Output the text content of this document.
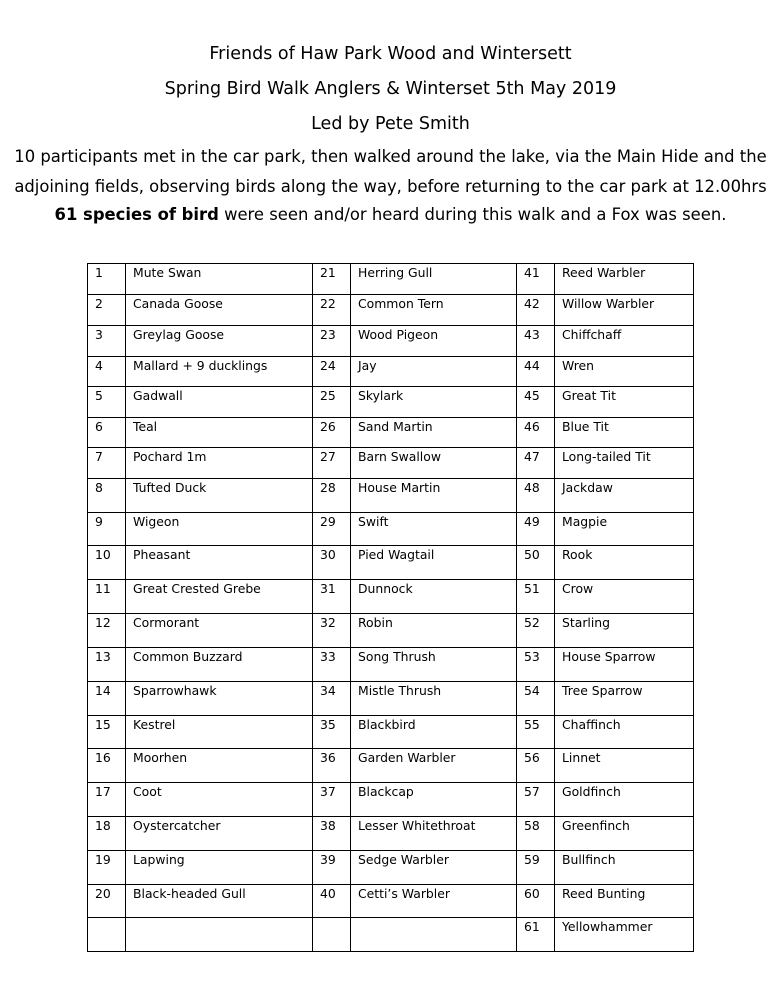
Friends of Haw Park Wood and Wintersett
Spring Bird Walk Anglers & Winterset 5th May 2019
Led by Pete Smith
10 participants met in the car park, then walked around the lake, via the Main Hide and the
adjoining fields, observing birds along the way, before returning to the car park at 12.00hrs
61 species of bird were seen and/or heard during this walk and a Fox was seen.
1	Mute Swan	21	Herring Gull	41	Reed Warbler
2	Canada Goose	22	Common Tern	42	Willow Warbler
3	Greylag Goose	23	Wood Pigeon	43	Chiffchaff
4	Mallard + 9 ducklings	24	Jay	44	Wren
5	Gadwall	25	Skylark	45	Great Tit
6	Teal	26	Sand Martin	46	Blue Tit
7	Pochard 1m	27	Barn Swallow	47	Long-tailed Tit
8	Tufted Duck	28	House Martin	48	Jackdaw
9	Wigeon	29	Swift	49	Magpie
10	Pheasant	30	Pied Wagtail	50	Rook
11	Great Crested Grebe	31	Dunnock	51	Crow
12	Cormorant	32	Robin	52	Starling
13	Common Buzzard	33	Song Thrush	53	House Sparrow
14	Sparrowhawk	34	Mistle Thrush	54	Tree Sparrow
15	Kestrel	35	Blackbird	55	Chaffinch
16	Moorhen	36	Garden Warbler	56	Linnet
17	Coot	37	Blackcap	57	Goldfinch
18	Oystercatcher	38	Lesser Whitethroat	58	Greenfinch
19	Lapwing	39	Sedge Warbler	59	Bullfinch
20	Black-headed Gull	40	Cetti’s Warbler	60	Reed Bunting
				61	Yellowhammer
